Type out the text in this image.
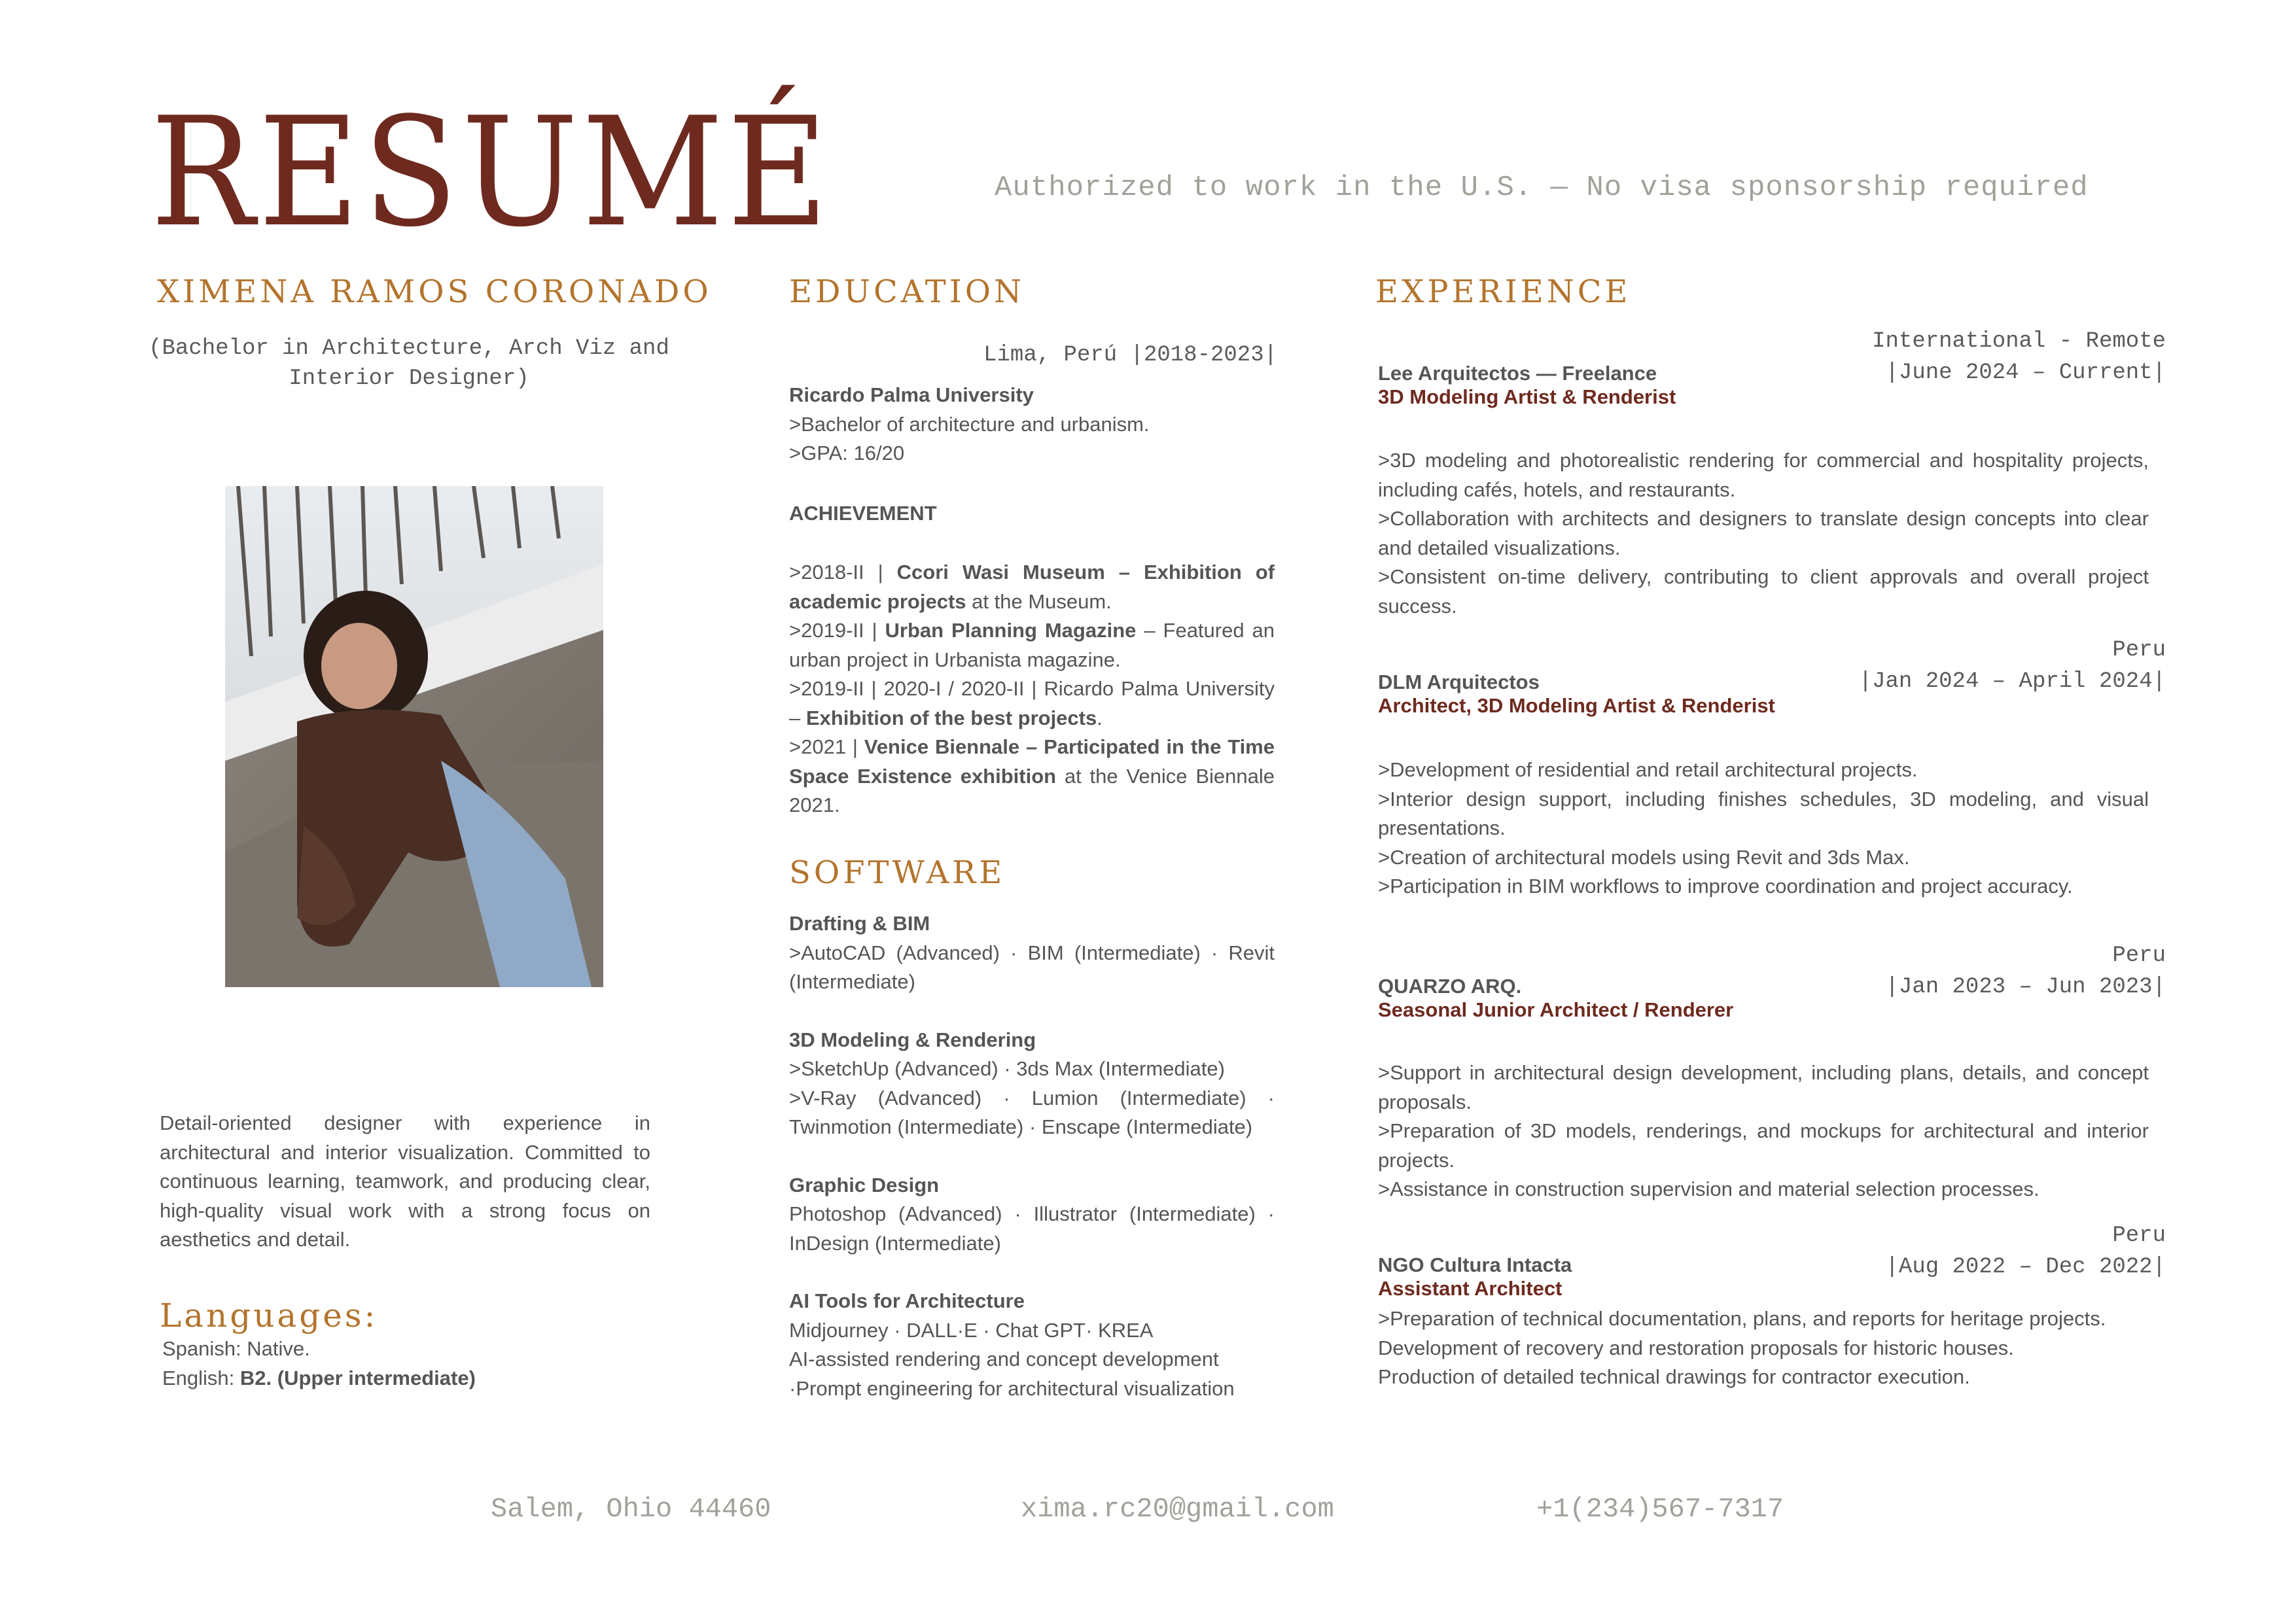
RESUMÉ	Authorized to work in the U.S. — No visa sponsorship required
XIMENA RAMOS CORONADO
(Bachelor in Architecture, Arch Viz and
Interior Designer)
Detail-oriented designer with experience in architectural and interior visualization. Committed to continuous learning, teamwork, and producing clear, high-quality visual work with a strong focus on aesthetics and detail.
Languages:
Spanish: Native.
English: B2. (Upper intermediate)
EDUCATION
Lima, Perú |2018-2023|
Ricardo Palma University
>Bachelor of architecture and urbanism.
>GPA: 16/20
ACHIEVEMENT
>2018-II | Ccori Wasi Museum – Exhibition of academic projects at the Museum.
>2019-II | Urban Planning Magazine – Featured an urban project in Urbanista magazine.
>2019-II | 2020-I / 2020-II | Ricardo Palma University – Exhibition of the best projects.
>2021 | Venice Biennale – Participated in the Time Space Existence exhibition at the Venice Biennale 2021.
SOFTWARE
Drafting & BIM
>AutoCAD (Advanced) · BIM (Intermediate) · Revit (Intermediate)
3D Modeling & Rendering
>SketchUp (Advanced) · 3ds Max (Intermediate)
>V-Ray (Advanced) · Lumion (Intermediate) · Twinmotion (Intermediate) · Enscape (Intermediate)
Graphic Design
Photoshop (Advanced) · Illustrator (Intermediate) · InDesign (Intermediate)
AI Tools for Architecture
Midjourney · DALL·E · Chat GPT· KREA
AI-assisted rendering and concept development
·Prompt engineering for architectural visualization
EXPERIENCE
International - Remote
|June 2024 – Current|
Lee Arquitectos — Freelance
3D Modeling Artist & Renderist
>3D modeling and photorealistic rendering for commercial and hospitality projects, including cafés, hotels, and restaurants.
>Collaboration with architects and designers to translate design concepts into clear and detailed visualizations.
>Consistent on-time delivery, contributing to client approvals and overall project success.
Peru
|Jan 2024 – April 2024|
DLM Arquitectos
Architect, 3D Modeling Artist & Renderist
>Development of residential and retail architectural projects.
>Interior design support, including finishes schedules, 3D modeling, and visual presentations.
>Creation of architectural models using Revit and 3ds Max.
>Participation in BIM workflows to improve coordination and project accuracy.
Peru
|Jan 2023 – Jun 2023|
QUARZO ARQ.
Seasonal Junior Architect / Renderer
>Support in architectural design development, including plans, details, and concept proposals.
>Preparation of 3D models, renderings, and mockups for architectural and interior projects.
>Assistance in construction supervision and material selection processes.
Peru
|Aug 2022 – Dec 2022|
NGO Cultura Intacta
Assistant Architect
>Preparation of technical documentation, plans, and reports for heritage projects.
Development of recovery and restoration proposals for historic houses.
Production of detailed technical drawings for contractor execution.
Salem, Ohio 44460	xima.rc20@gmail.com	+1(234)567-7317
